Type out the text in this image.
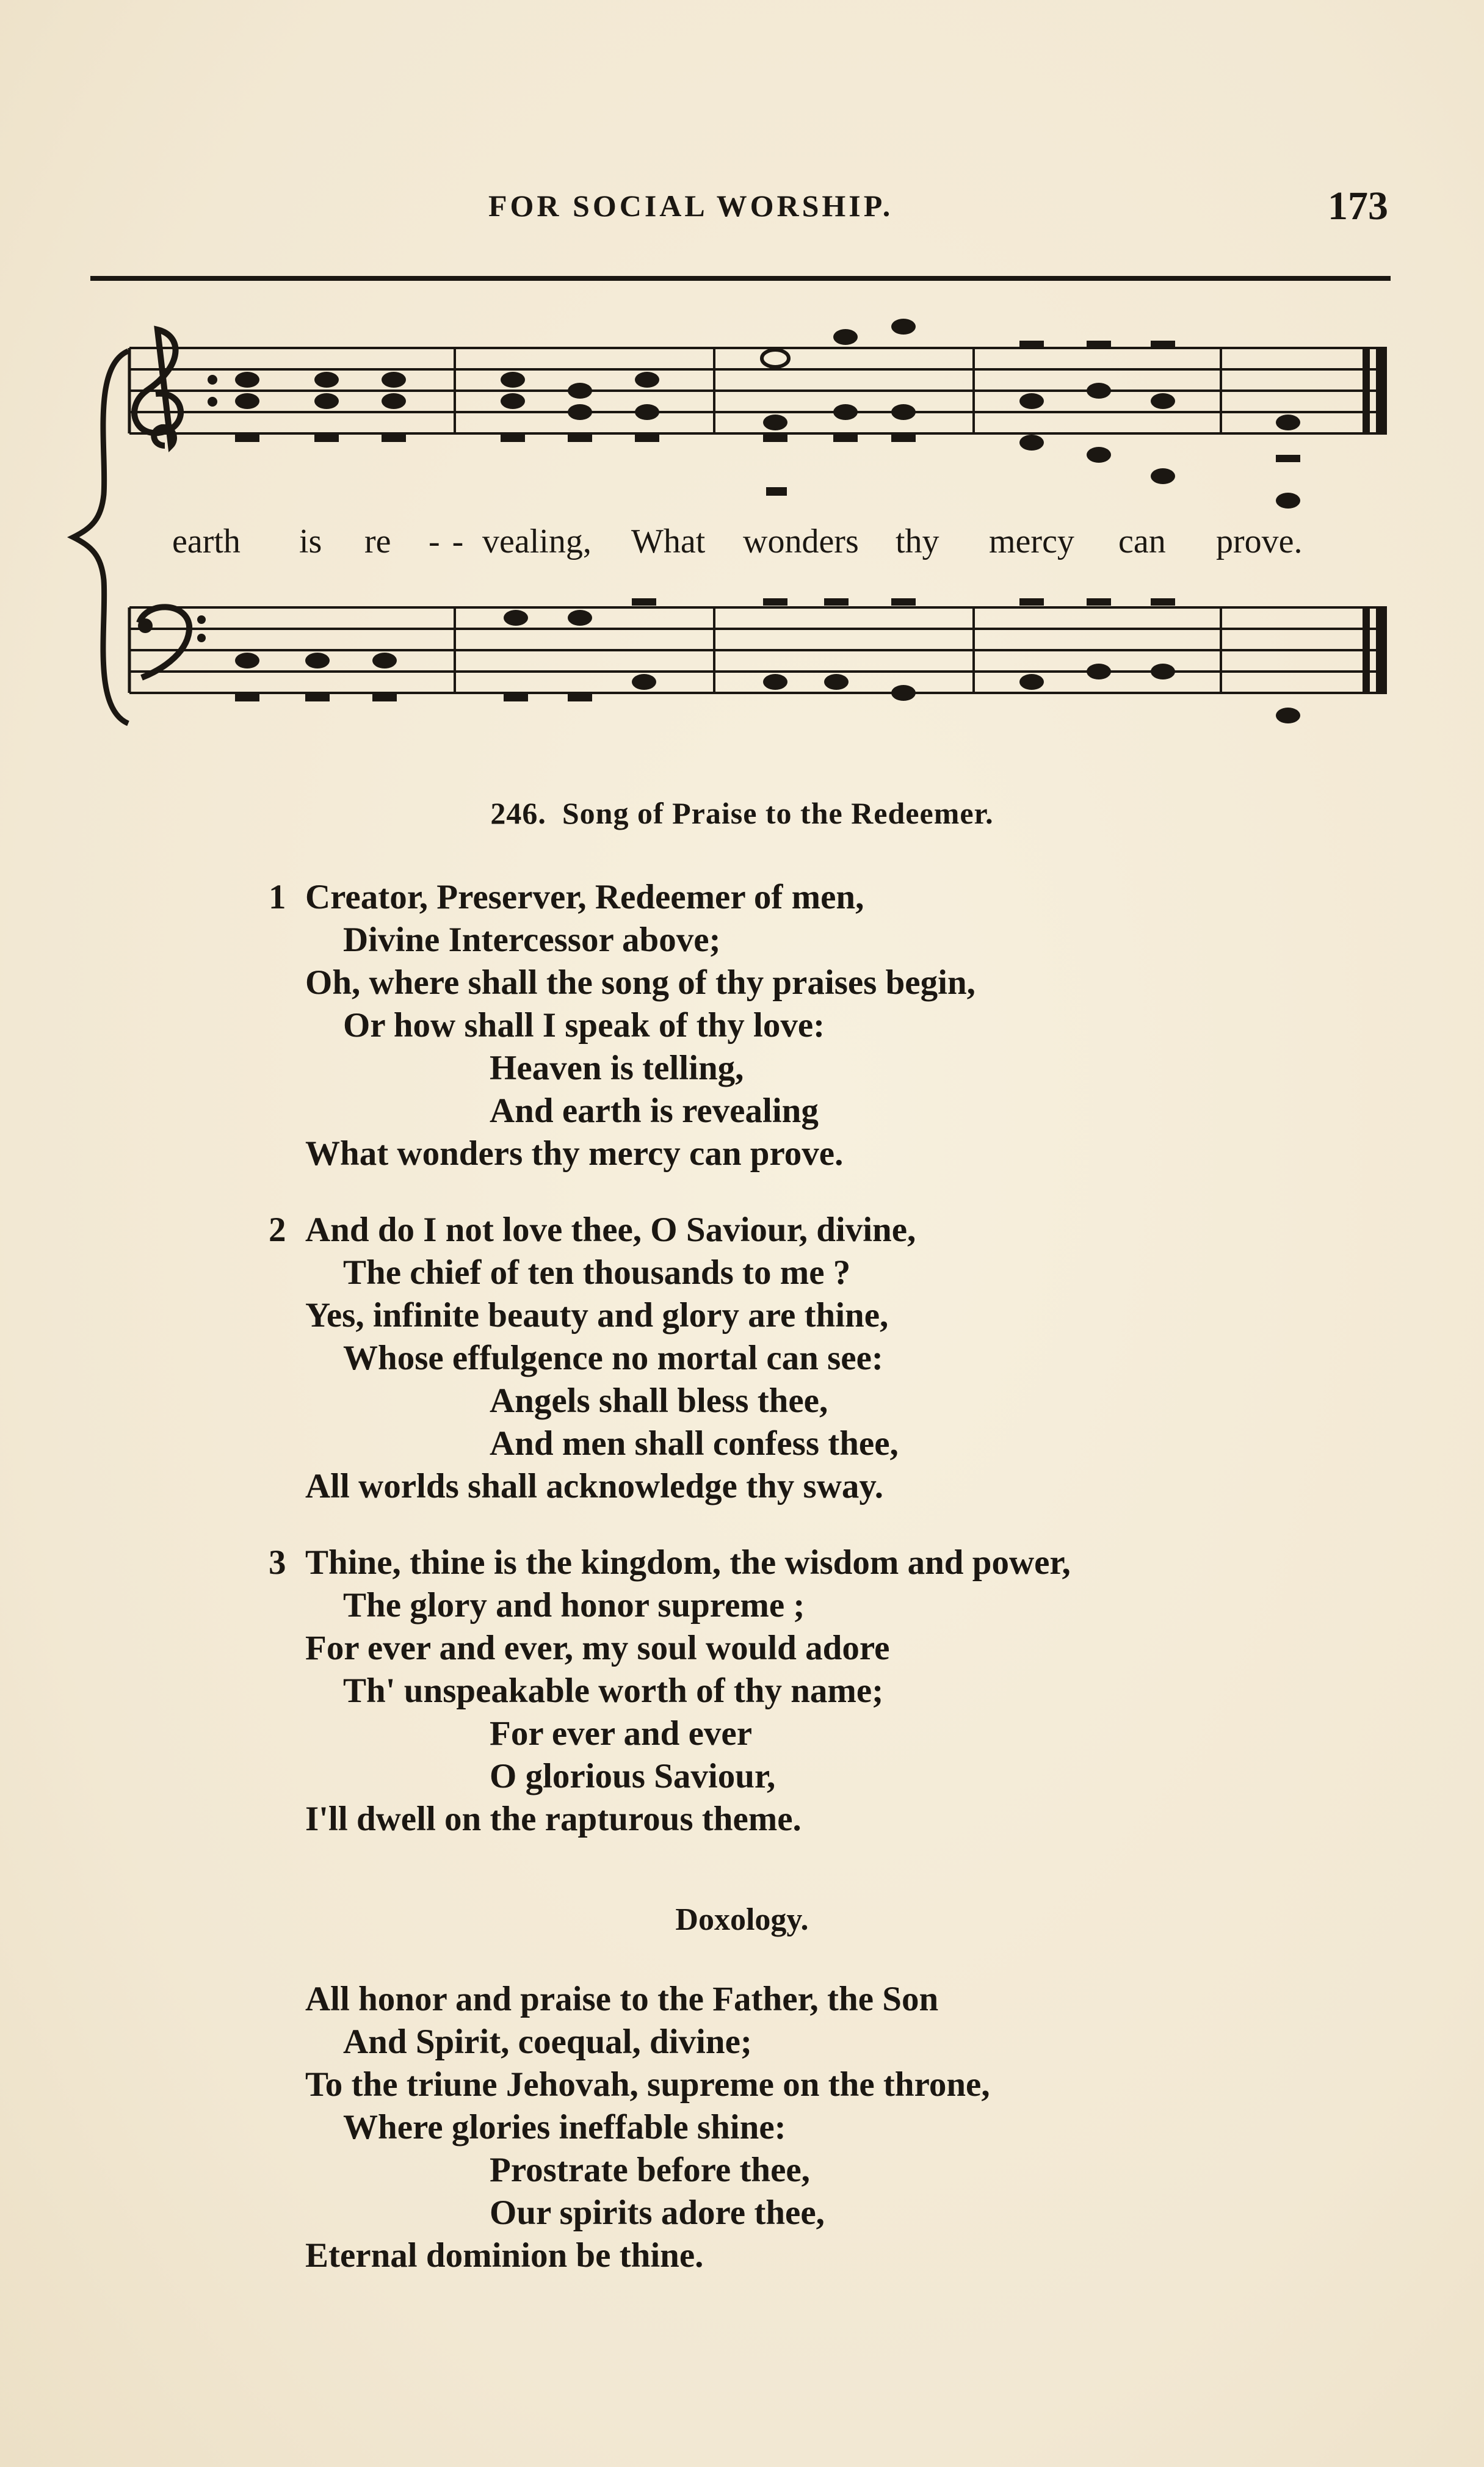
FOR SOCIAL WORSHIP.	173
earth is re - - vealing, What wonders thy mercy can prove.
246. Song of Praise to the Redeemer.
1 Creator, Preserver, Redeemer of men,
Divine Intercessor above;
Oh, where shall the song of thy praises begin,
Or how shall I speak of thy love:
Heaven is telling,
And earth is revealing
What wonders thy mercy can prove.
2 And do I not love thee, O Saviour, divine,
The chief of ten thousands to me ?
Yes, infinite beauty and glory are thine,
Whose effulgence no mortal can see:
Angels shall bless thee,
And men shall confess thee,
All worlds shall acknowledge thy sway.
3 Thine, thine is the kingdom, the wisdom and power,
The glory and honor supreme ;
For ever and ever, my soul would adore
Th' unspeakable worth of thy name;
For ever and ever
O glorious Saviour,
I'll dwell on the rapturous theme.
Doxology.
All honor and praise to the Father, the Son
And Spirit, coequal, divine;
To the triune Jehovah, supreme on the throne,
Where glories ineffable shine:
Prostrate before thee,
Our spirits adore thee,
Eternal dominion be thine.
